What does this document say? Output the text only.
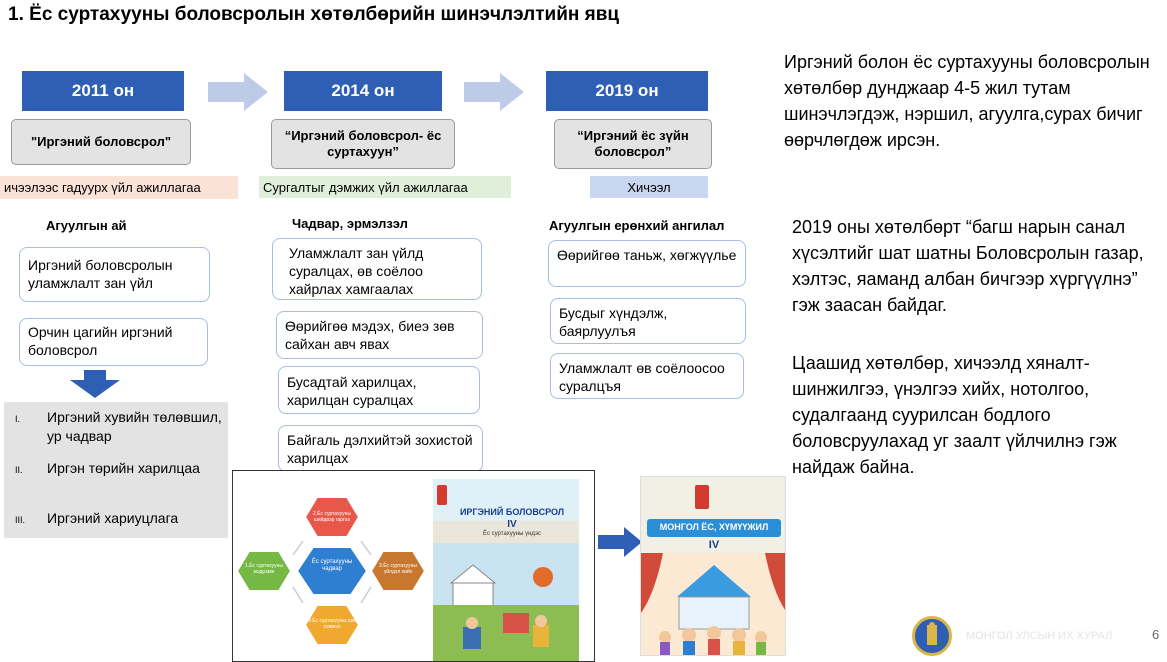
1. Ёс суртахууны боловсролын хөтөлбөрийн шинэчлэлтийн явц
2011 он	2014 он	2019 он
"Иргэний боловсрол"	“Иргэний боловсрол- ёс суртахуун”
“Иргэний ёс зүйн боловсрол”
ичээлээс гадуурх үйл ажиллагаа	Сургалтыг дэмжих үйл ажиллагаа	Хичээл
Агуулгын ай	Чадвар, эрмэлзэл	Агуулгын ерөнхий ангилал
Иргэний боловсролын уламжлалт зан үйл
Орчин цагийн иргэний боловсрол
I. Иргэний хувийн төлөвшил, ур чадвар
II. Иргэн төрийн харилцаа
III. Иргэний хариуцлага
Уламжлалт зан үйлд суралцах, өв соёлоо хайрлах хамгаалах
Өөрийгөө мэдэх, биеэ зөв сайхан авч явах
Бусадтай харилцах, харилцан суралцах
Байгаль дэлхийтэй зохистой харилцах
Өөрийгөө таньж, хөгжүүлье
Бусдыг хүндэлж, баярлуулъя
Уламжлалт өв соёлоосоо суралцъя
Иргэний болон ёс суртахууны боловсролын хөтөлбөр дунджаар 4-5 жил тутам шинэчлэгдэж, нэршил, агуулга,сурах бичиг өөрчлөгдөж ирсэн.
2019 оны хөтөлбөрт “багш нарын санал хүсэлтийг шат шатны Боловсролын газар, хэлтэс, яаманд албан бичгээр хүргүүлнэ” гэж заасан байдаг.
Цаашид хөтөлбөр, хичээлд хяналт-шинжилгээ, үнэлгээ хийх, нотолгоо, судалгаанд суурилсан бодлого боловсруулахад уг заалт үйлчилнэ гэж найдаж байна.
2.Ёс суртахууны шийдвэр гаргах
Ёс суртахууны чадвар
1.Ёс суртахууны мэдрэмж
3.Ёс суртахууны үйлдэл хийх
4.Ёс суртахууны хэм хэмжээ
ИРГЭНИЙ БОЛОВСРОЛ
IV
Ёс суртахууны үндэс
МОНГОЛ ЁС, ХҮМҮҮЖИЛ
IV
МОНГОЛ УЛСЫН ИХ ХУРАЛ	6
